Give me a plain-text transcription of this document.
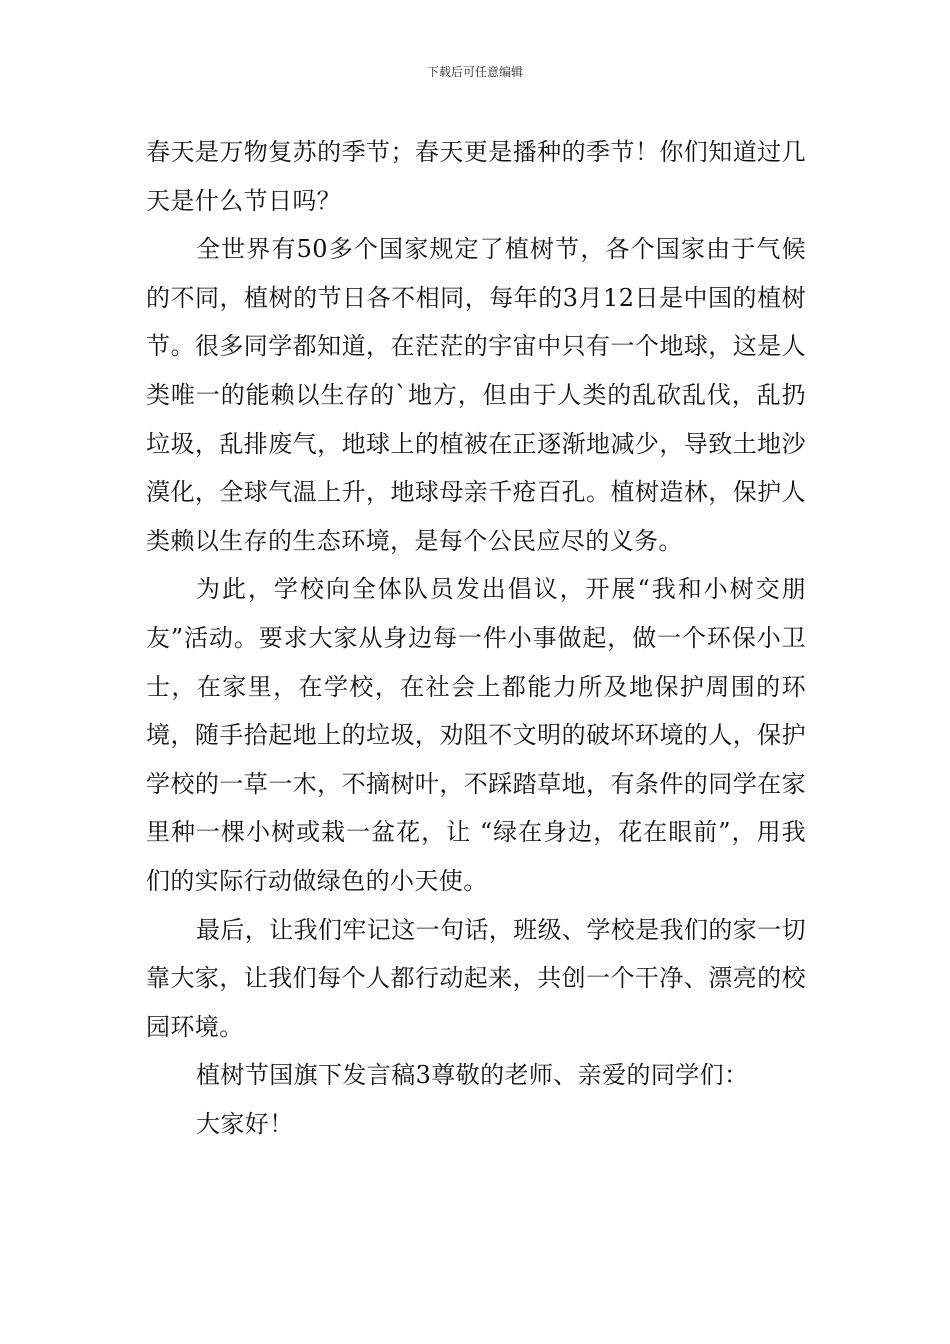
下载后可任意编辑

春天是万物复苏的季节；春天更是播种的季节！你们知道过几天是什么节日吗？

全世界有50多个国家规定了植树节，各个国家由于气候的不同，植树的节日各不相同，每年的3月12日是中国的植树节。很多同学都知道，在茫茫的宇宙中只有一个地球，这是人类唯一的能赖以生存的`地方，但由于人类的乱砍乱伐，乱扔垃圾，乱排废气，地球上的植被在正逐渐地减少，导致土地沙漠化，全球气温上升，地球母亲千疮百孔。植树造林，保护人类赖以生存的生态环境，是每个公民应尽的义务。

为此，学校向全体队员发出倡议，开展“我和小树交朋友”活动。要求大家从身边每一件小事做起，做一个环保小卫士，在家里，在学校，在社会上都能力所及地保护周围的环境，随手拾起地上的垃圾，劝阻不文明的破坏环境的人，保护学校的一草一木，不摘树叶，不踩踏草地，有条件的同学在家里种一棵小树或栽一盆花，让 “绿在身边，花在眼前”，用我们的实际行动做绿色的小天使。

最后，让我们牢记这一句话，班级、学校是我们的家一切靠大家，让我们每个人都行动起来，共创一个干净、漂亮的校园环境。

植树节国旗下发言稿3尊敬的老师、亲爱的同学们：

大家好！
